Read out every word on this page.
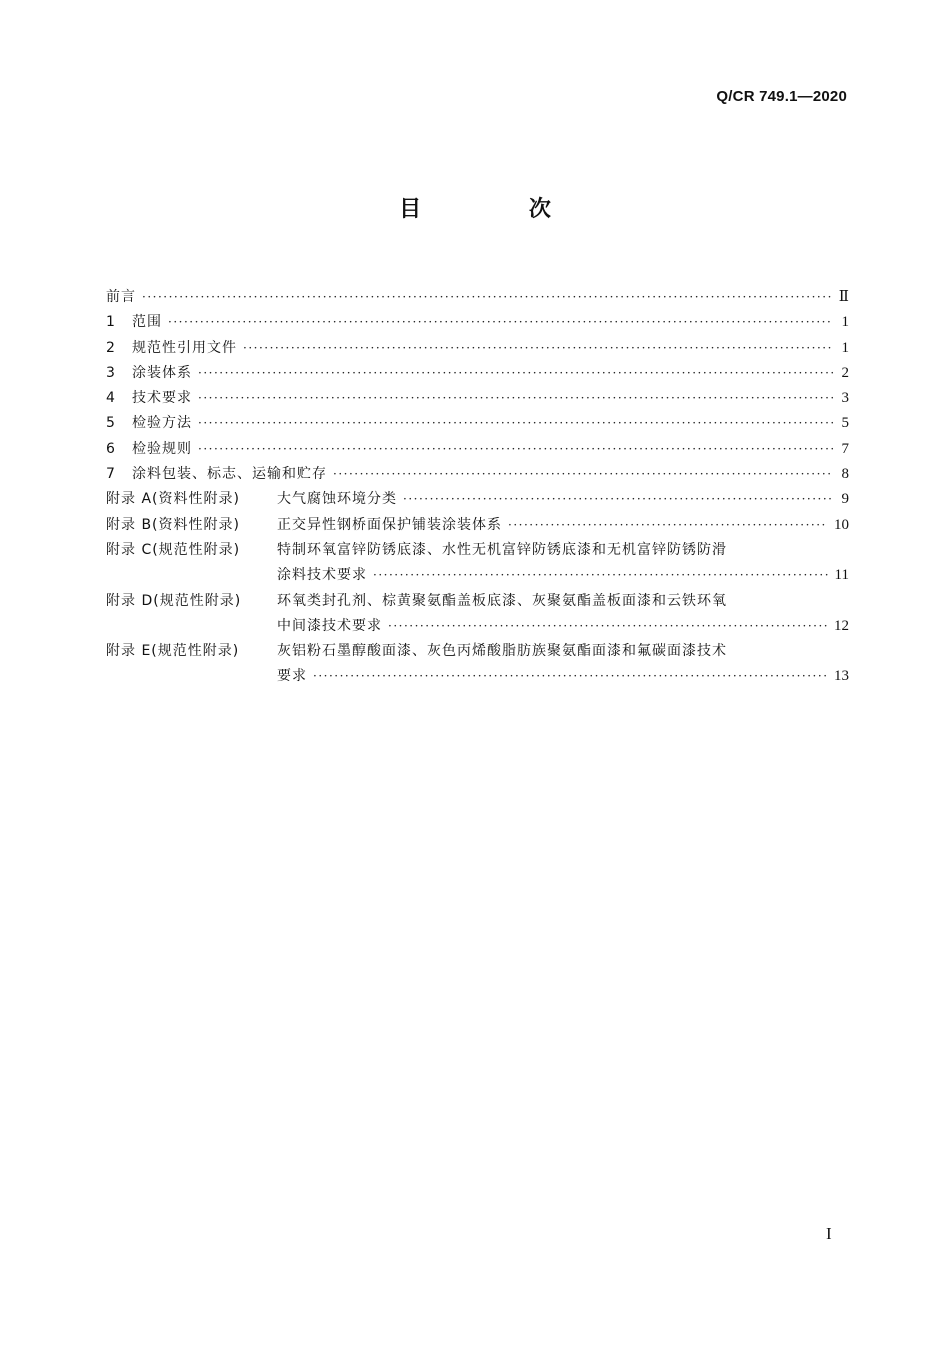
Q/CR 749.1—2020
目 次
前言 ·····	Ⅱ
1	范围 ·····	1
2	规范性引用文件 ·····	1
3	涂装体系 ·····	2
4	技术要求 ·····	3
5	检验方法 ·····	5
6	检验规则 ·····	7
7	涂料包装、标志、运输和贮存 ·····	8
附录 A(资料性附录)	大气腐蚀环境分类 ·····	9
附录 B(资料性附录)	正交异性钢桥面保护铺装涂装体系 ·····	10
附录 C(规范性附录)	特制环氧富锌防锈底漆、水性无机富锌防锈底漆和无机富锌防锈防滑
涂料技术要求 ·····	11
附录 D(规范性附录)	环氧类封孔剂、棕黄聚氨酯盖板底漆、灰聚氨酯盖板面漆和云铁环氧
中间漆技术要求 ·····	12
附录 E(规范性附录)	灰铝粉石墨醇酸面漆、灰色丙烯酸脂肪族聚氨酯面漆和氟碳面漆技术
要求 ·····	13
I
